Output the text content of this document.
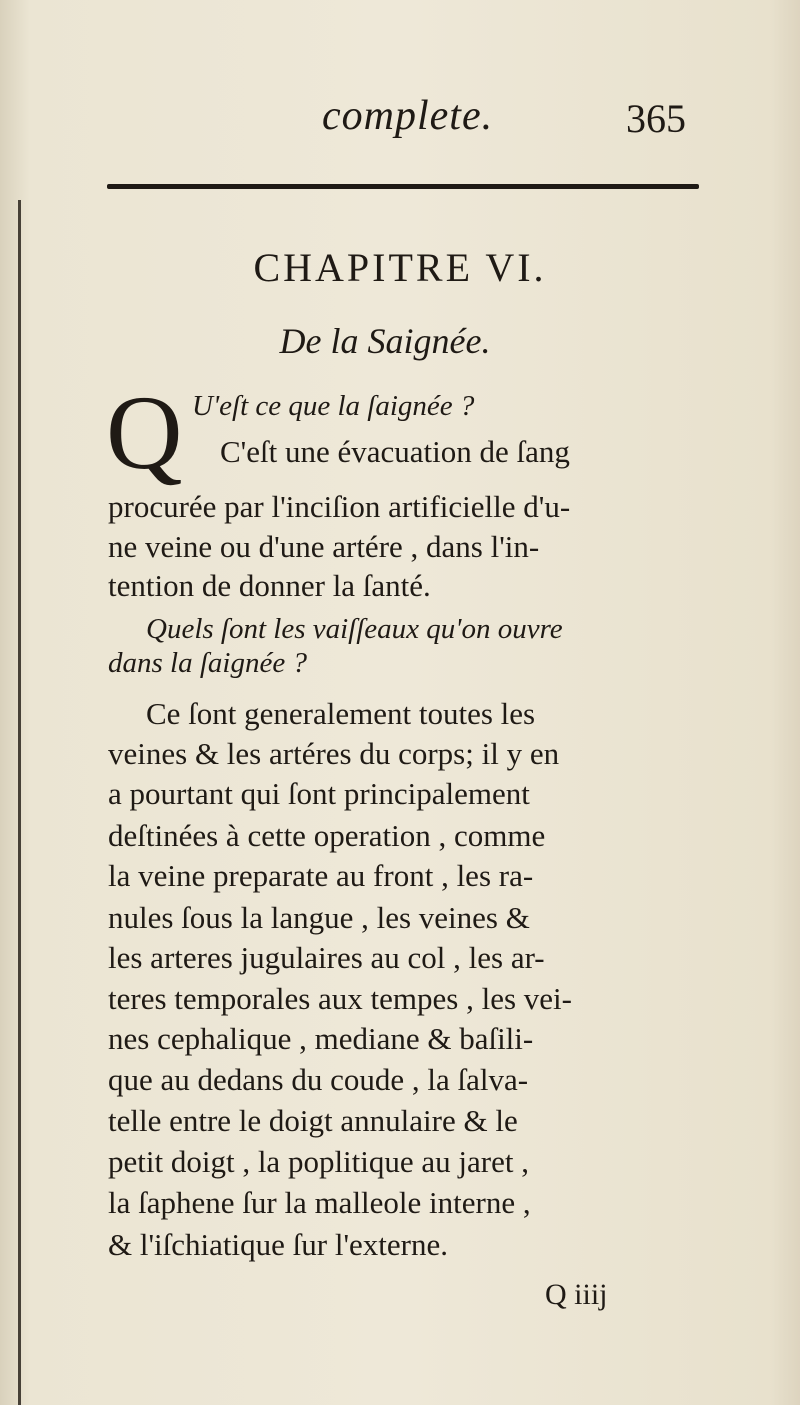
complete.	365
CHAPITRE VI.
De la Saignée.
Q U'eſt ce que la ſaignée ?
C'eſt une évacuation de ſang
procurée par l'inciſion artificielle d'u-
ne veine ou d'une artére , dans l'in-
tention de donner la ſanté.
Quels ſont les vaiſſeaux qu'on ouvre
dans la ſaignée ?
Ce ſont generalement toutes les
veines & les artéres du corps; il y en
a pourtant qui ſont principalement
deſtinées à cette operation , comme
la veine preparate au front , les ra-
nules ſous la langue , les veines &
les arteres jugulaires au col , les ar-
teres temporales aux tempes , les vei-
nes cephalique , mediane & baſili-
que au dedans du coude , la ſalva-
telle entre le doigt annulaire & le
petit doigt , la poplitique au jaret ,
la ſaphene ſur la malleole interne ,
& l'iſchiatique ſur l'externe.
Q iiij
